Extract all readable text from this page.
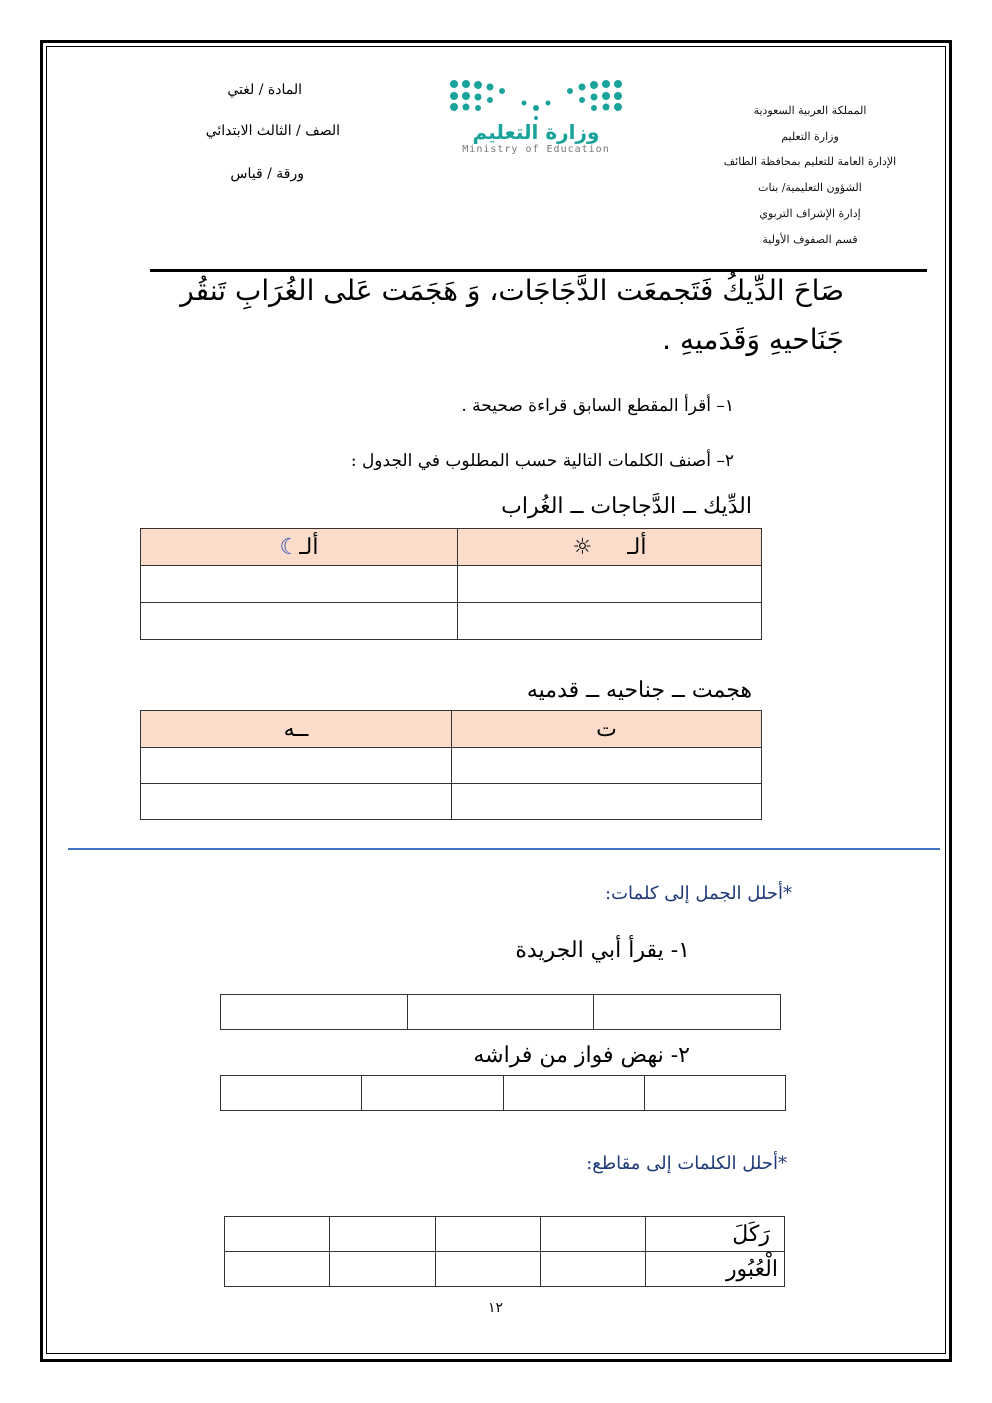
المملكة العربية السعودية
وزارة التعليم
الإدارة العامة للتعليم بمحافظة الطائف
الشؤون التعليمية/ بنات
إدارة الإشراف التربوي
قسم الصفوف الأولية
وزارة التعليم
Ministry of Education
المادة / لغتي
الصف / الثالث الابتدائي
ورقة / قياس
صَاحَ الدِّيكُ فَتَجمعَت الدَّجَاجَات، وَ هَجَمَت عَلى الغُرَابِ تَنقُر
جَنَاحيهِ وَقَدَميهِ .
١– أقرأ المقطع السابق قراءة صحيحة .
٢– أصنف الكلمات التالية حسب المطلوب في الجدول :
الدِّيك ــ الدَّجاجات ــ الغُراب
ألـ     ☼	ألـ☾

هجمت ــ جناحيه ــ قدميه
ت	ــه

*أحلل الجمل إلى كلمات:
١- يقرأ أبي الجريدة

٢- نهض فواز من فراشه

*أحلل الكلمات إلى مقاطع:
رَكَلَ				
الْعُبُور				
١٢
